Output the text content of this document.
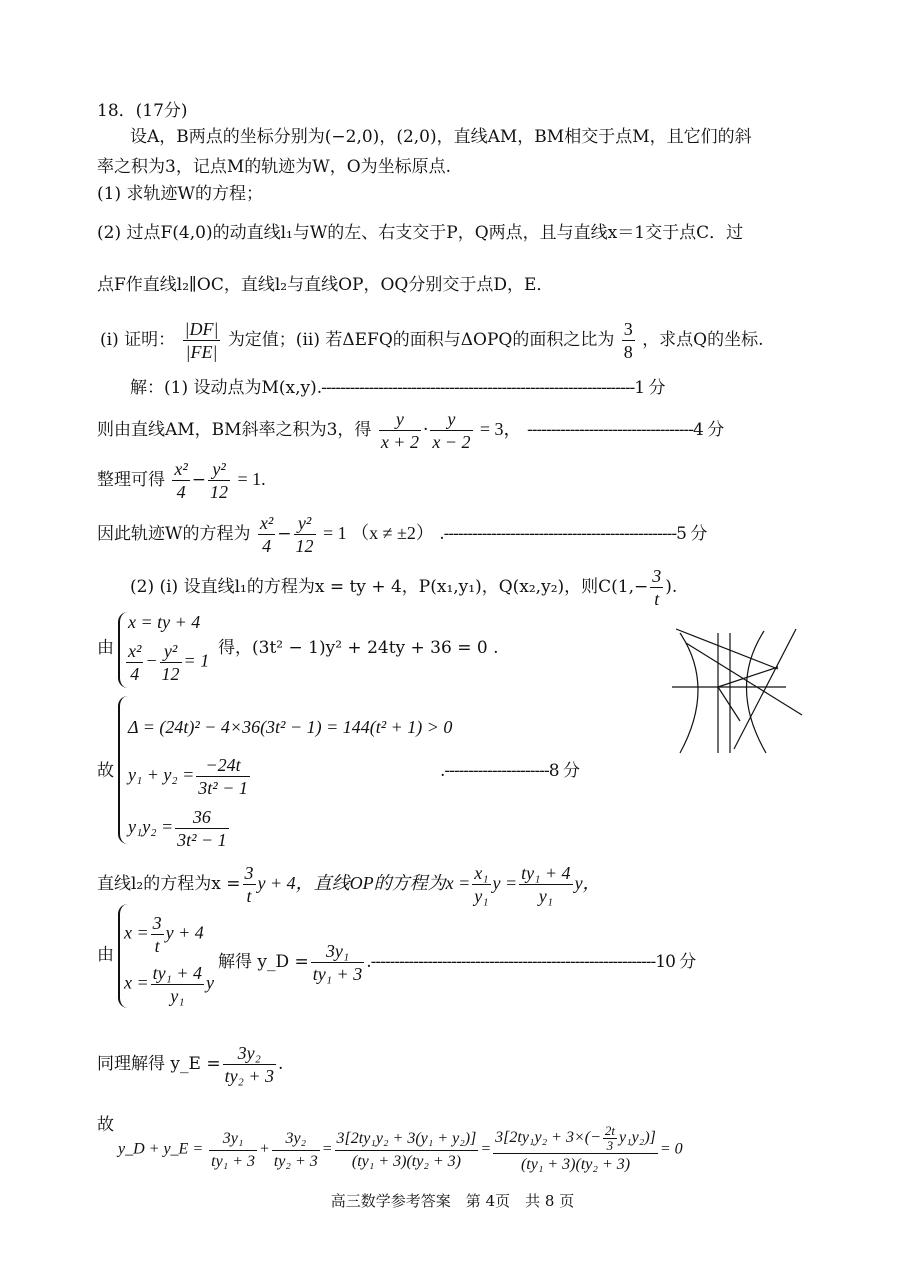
18．(17分)
设A，B两点的坐标分别为(−2,0)，(2,0)，直线AM，BM相交于点M，且它们的斜
率之积为3，记点M的轨迹为W，O为坐标原点.
(1) 求轨迹W的方程；
(2) 过点F(4,0)的动直线l₁与W的左、右支交于P，Q两点，且与直线x＝1交于点C．过
点F作直线l₂∥OC，直线l₂与直线OP，OQ分别交于点D，E．
(i) 证明： $\frac{|DF|}{|FE|}$ 为定值；(ii) 若ΔEFQ的面积与ΔOPQ的面积之比为 $\frac{3}{8}$ ，求点Q的坐标.
解：(1) 设动点为M(x,y).------------------------------------------------------------------1 分
则由直线AM，BM斜率之积为3，得 $\frac{y}{x + 2} \cdot \frac{y}{x - 2} = 3$， -----------------------------------4 分
整理可得 $\frac{\text{x²}}{4} - \frac{\text{y²}}{12} = 1$.
因此轨迹W的方程为 $\frac{\text{x²}}{4} - \frac{\text{y²}}{12} = 1$ （x ≠ ±2） .-------------------------------------------------5 分
(2) (i) 设直线l₁的方程为x = ty + 4，P(x₁,y₁)，Q(x₂,y₂)，则$C(1,- \frac{3}{t}$ ).
由
x = ty + 4
$\frac{\text{x²}}{4} - \frac{\text{y²}}{12} = 1$
得，(3t² − 1)y² + 24ty + 36 = 0 .
故
Δ = (24t)² − 4×36(3t² − 1) = 144(t² + 1) > 0
$y_1 + y_2 = \frac{-24t}{\text{3t² − 1}}$
$y_1y_2 = \frac{36}{\text{3t² − 1}}$
.----------------------8 分
直线l₂的方程为$x = \frac{3}{t}$ y + 4，直线OP的方程为$x = \frac{\text{x₁}}{\text{y₁}}$ $y = \frac{\text{ty₁ + 4}}{\text{y₁}}$ y，
由
$x = \frac{3}{t}$ y + 4
$x = \frac{\text{ty₁ + 4}}{\text{y₁}}$ y
解得 y_D = $\frac{\text{3y₁}}{\text{ty₁ + 3}} .------------------------------------------------------------10$ 分
同理解得 y_E = $\frac{\text{3y₂}}{\text{ty₂ + 3}}$ .
故
y_D + y_E = $\frac{\text{3y₁}}{\text{ty₁ + 3}} + \frac{\text{3y₂}}{\text{ty₂ + 3}} = \frac{\text{3[2ty₁y₂ + 3(y₁ + y₂)]}}{\text{(ty₁ + 3)(ty₂ + 3)}} = \frac{3[2ty_1y_2 + 3\times(- \frac{2t}{3} y_1y_2)]}{\text{(ty₁ + 3)(ty₂ + 3)}} = 0$
高三数学参考答案　第 4页　共 8 页
